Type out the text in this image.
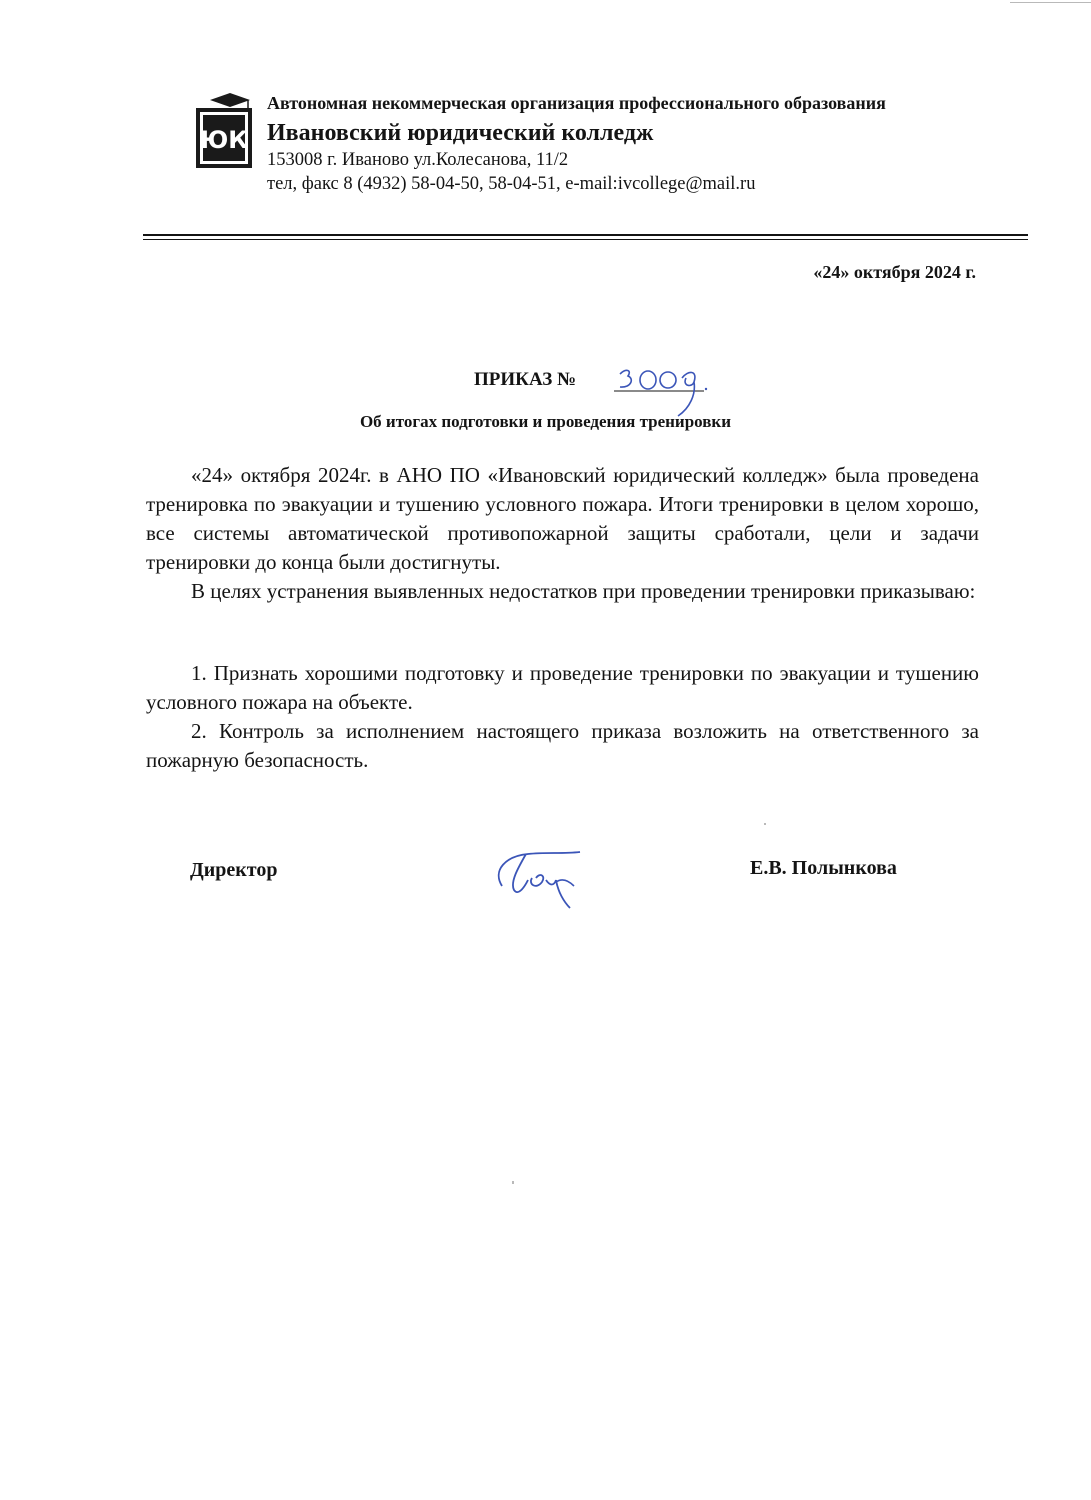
ЮК
Автономная некоммерческая организация профессионального образования
Ивановский юридический колледж
153008 г. Иваново ул.Колесанова, 11/2
тел, факс 8 (4932) 58-04-50, 58-04-51, e-mail:ivcollege@mail.ru
«24» октября 2024 г.
ПРИКАЗ №
Об итогах подготовки и проведения тренировки

«24» октября 2024г. в АНО ПО «Ивановский юридический колледж» была проведена тренировка по эвакуации и тушению условного пожара. Итоги тренировки в целом хорошо, все системы автоматической противопожарной защиты сработали, цели и задачи тренировки до конца были достигнуты.

В целях устранения выявленных недостатков при проведении тренировки приказываю:

1. Признать хорошими подготовку и проведение тренировки по эвакуации и тушению условного пожара на объекте.

2. Контроль за исполнением настоящего приказа возложить на ответственного за пожарную безопасность.

Директор	Е.В. Полынкова
